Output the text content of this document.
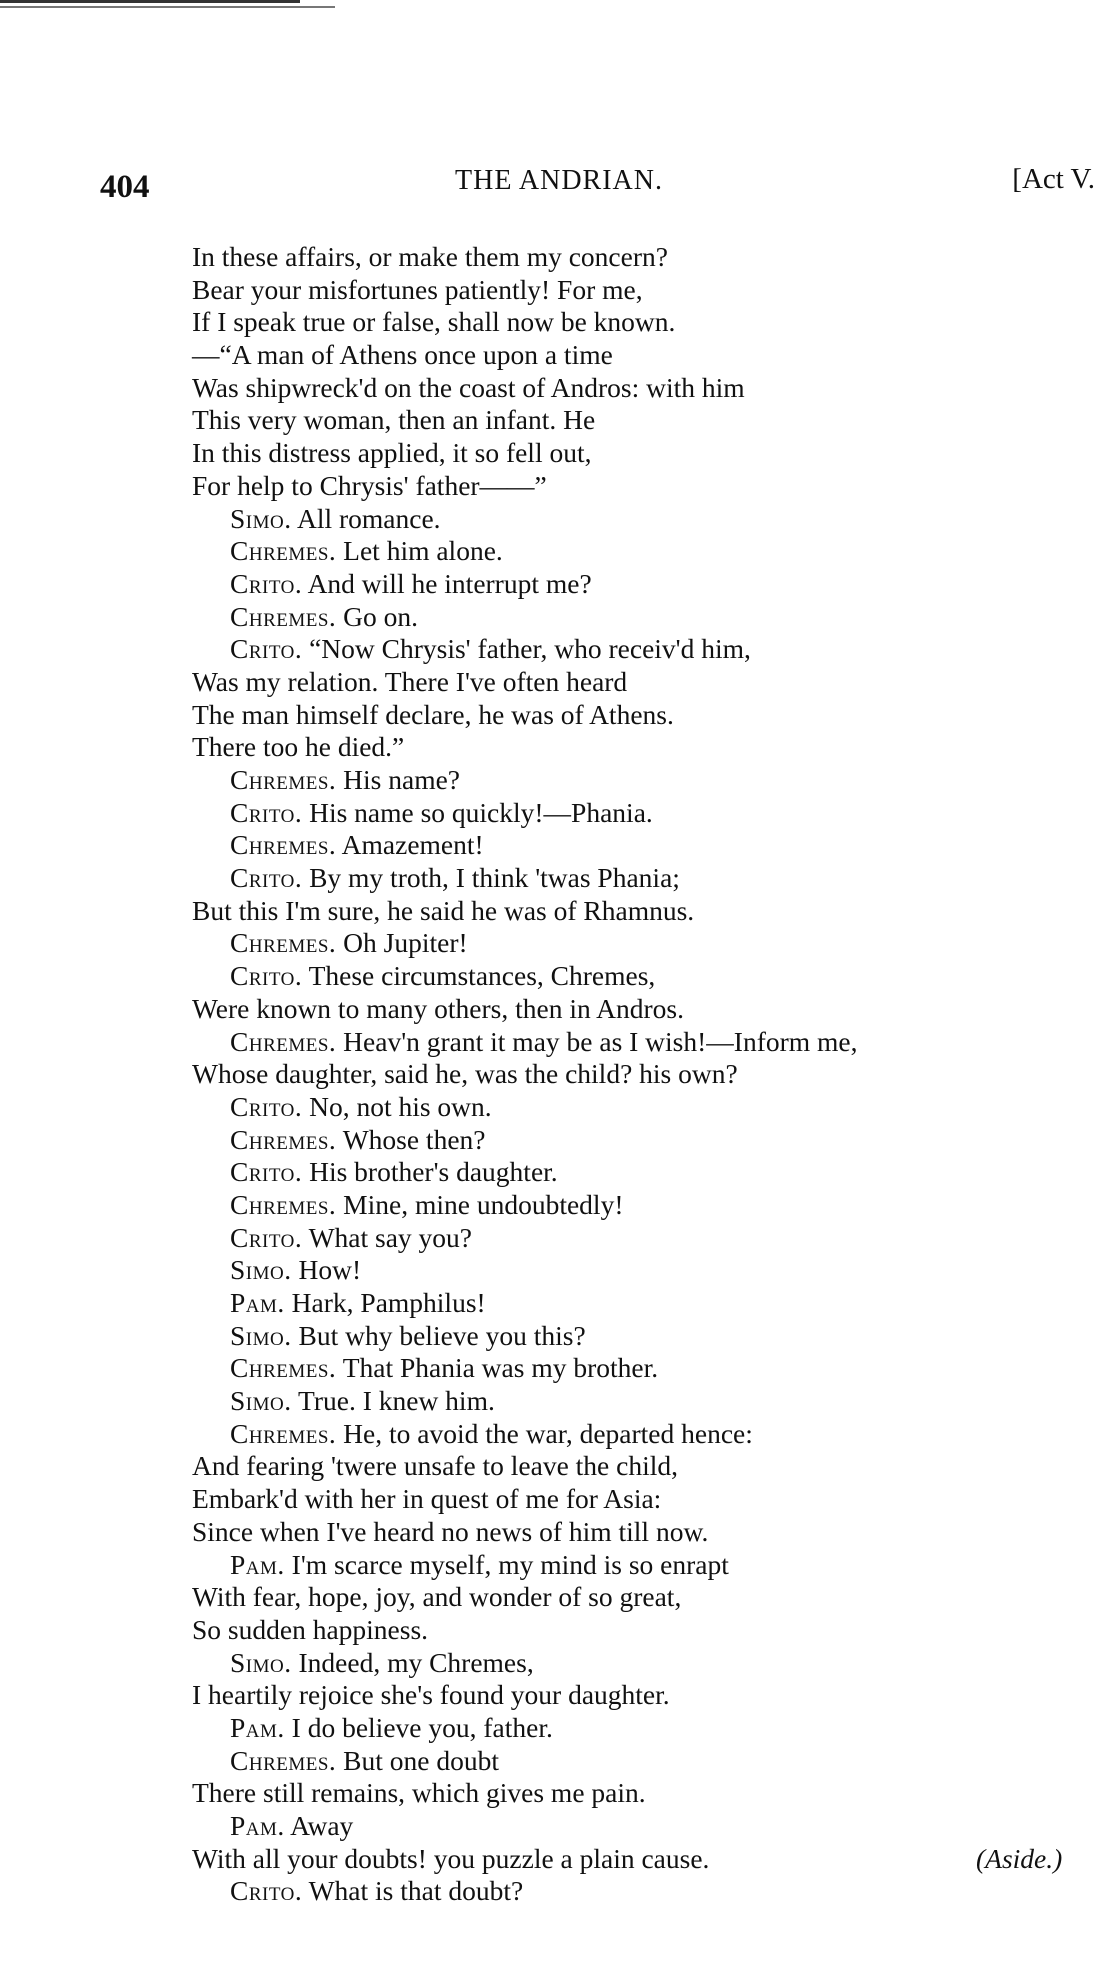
404	THE ANDRIAN.	[Act V.
In these affairs, or make them my concern?
Bear your misfortunes patiently! For me,
If I speak true or false, shall now be known.
—“A man of Athens once upon a time
Was shipwreck'd on the coast of Andros: with him
This very woman, then an infant. He
In this distress applied, it so fell out,
For help to Chrysis' father——”
Simo. All romance.
Chremes. Let him alone.
Crito. And will he interrupt me?
Chremes. Go on.
Crito. “Now Chrysis' father, who receiv'd him,
Was my relation. There I've often heard
The man himself declare, he was of Athens.
There too he died.”
Chremes. His name?
Crito. His name so quickly!—Phania.
Chremes. Amazement!
Crito. By my troth, I think 'twas Phania;
But this I'm sure, he said he was of Rhamnus.
Chremes. Oh Jupiter!
Crito. These circumstances, Chremes,
Were known to many others, then in Andros.
Chremes. Heav'n grant it may be as I wish!—Inform me,
Whose daughter, said he, was the child? his own?
Crito. No, not his own.
Chremes. Whose then?
Crito. His brother's daughter.
Chremes. Mine, mine undoubtedly!
Crito. What say you?
Simo. How!
Pam. Hark, Pamphilus!
Simo. But why believe you this?
Chremes. That Phania was my brother.
Simo. True. I knew him.
Chremes. He, to avoid the war, departed hence:
And fearing 'twere unsafe to leave the child,
Embark'd with her in quest of me for Asia:
Since when I've heard no news of him till now.
Pam. I'm scarce myself, my mind is so enrapt
With fear, hope, joy, and wonder of so great,
So sudden happiness.
Simo. Indeed, my Chremes,
I heartily rejoice she's found your daughter.
Pam. I do believe you, father.
Chremes. But one doubt
There still remains, which gives me pain.
Pam. Away
With all your doubts! you puzzle a plain cause.	(Aside.)
Crito. What is that doubt?
